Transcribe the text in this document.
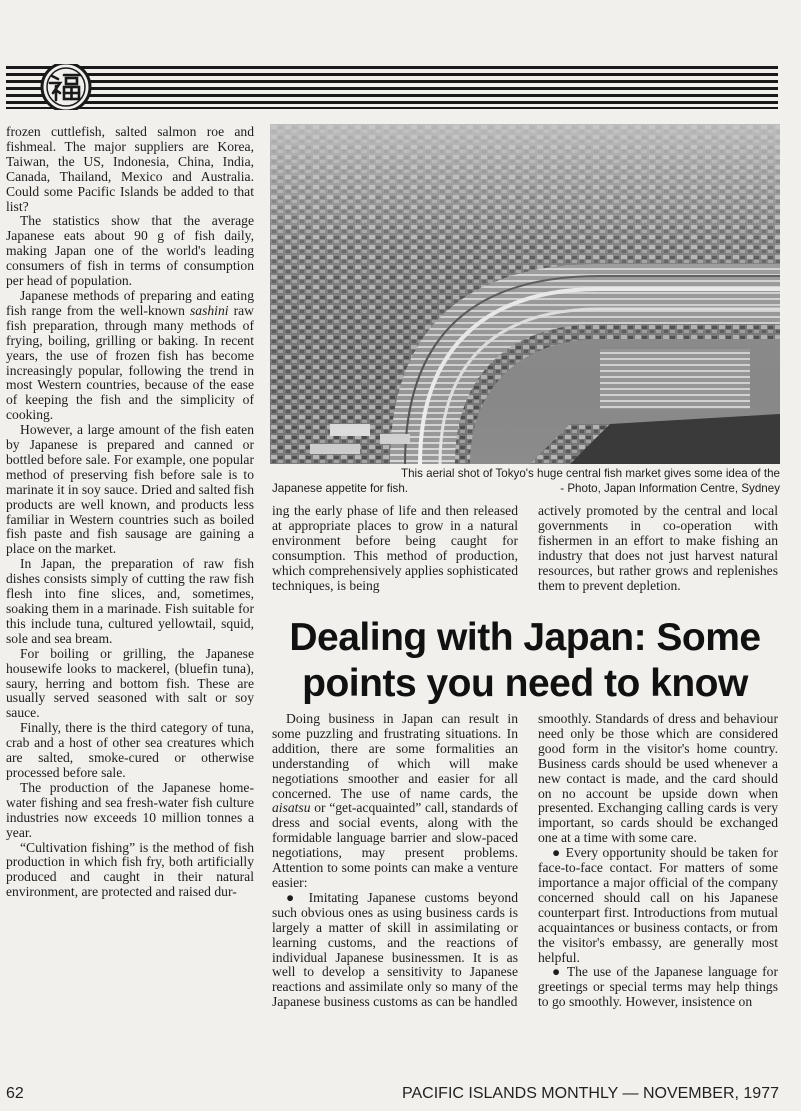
frozen cuttlefish, salted salmon roe and fishmeal. The major suppliers are Korea, Taiwan, the US, Indonesia, China, India, Canada, Thailand, Mexico and Australia. Could some Pacific Islands be added to that list?

The statistics show that the average Japanese eats about 90 g of fish daily, making Japan one of the world's leading consumers of fish in terms of consumption per head of population.

Japanese methods of preparing and eating fish range from the well-known sashini raw fish preparation, through many methods of frying, boiling, grilling or baking. In recent years, the use of frozen fish has become increasingly popular, following the trend in most Western countries, because of the ease of keeping the fish and the simplicity of cooking.

However, a large amount of the fish eaten by Japanese is prepared and canned or bottled before sale. For example, one popular method of preserving fish before sale is to marinate it in soy sauce. Dried and salted fish products are well known, and products less familiar in Western countries such as boiled fish paste and fish sausage are gaining a place on the market.

In Japan, the preparation of raw fish dishes consists simply of cutting the raw fish flesh into fine slices, and, sometimes, soaking them in a marinade. Fish suitable for this include tuna, cultured yellowtail, squid, sole and sea bream.

For boiling or grilling, the Japanese housewife looks to mackerel, (bluefin tuna), saury, herring and bottom fish. These are usually served seasoned with salt or soy sauce.

Finally, there is the third category of tuna, crab and a host of other sea creatures which are salted, smoke-cured or otherwise processed before sale.

The production of the Japanese home-water fishing and sea fresh-water fish culture industries now exceeds 10 million tonnes a year.

“Cultivation fishing” is the method of fish production in which fish fry, both artificially produced and caught in their natural environment, are protected and raised dur-

This aerial shot of Tokyo's huge central fish market gives some idea of the
Japanese appetite for fish.	- Photo, Japan Information Centre, Sydney

ing the early phase of life and then released at appropriate places to grow in a natural environment before being caught for consumption. This method of production, which comprehensively applies sophisticated techniques, is being

actively promoted by the central and local governments in co-operation with fishermen in an effort to make fishing an industry that does not just harvest natural resources, but rather grows and replenishes them to prevent depletion.

Dealing with Japan: Some
points you need to know

Doing business in Japan can result in some puzzling and frustrating situations. In addition, there are some formalities an understanding of which will make negotiations smoother and easier for all concerned. The use of name cards, the aisatsu or “get-acquainted” call, standards of dress and social events, along with the formidable language barrier and slow-paced negotiations, may present problems. Attention to some points can make a venture easier:

● Imitating Japanese customs beyond such obvious ones as using business cards is largely a matter of skill in assimilating or learning customs, and the reactions of individual Japanese businessmen. It is as well to develop a sensitivity to Japanese reactions and assimilate only so many of the Japanese business customs as can be handled

smoothly. Standards of dress and behaviour need only be those which are considered good form in the visitor's home country. Business cards should be used whenever a new contact is made, and the card should on no account be upside down when presented. Exchanging calling cards is very important, so cards should be exchanged one at a time with some care.

● Every opportunity should be taken for face-to-face contact. For matters of some importance a major official of the company concerned should call on his Japanese counterpart first. Introductions from mutual acquaintances or business contacts, or from the visitor's embassy, are generally most helpful.

● The use of the Japanese language for greetings or special terms may help things to go smoothly. However, insistence on

62	PACIFIC ISLANDS MONTHLY — NOVEMBER, 1977
